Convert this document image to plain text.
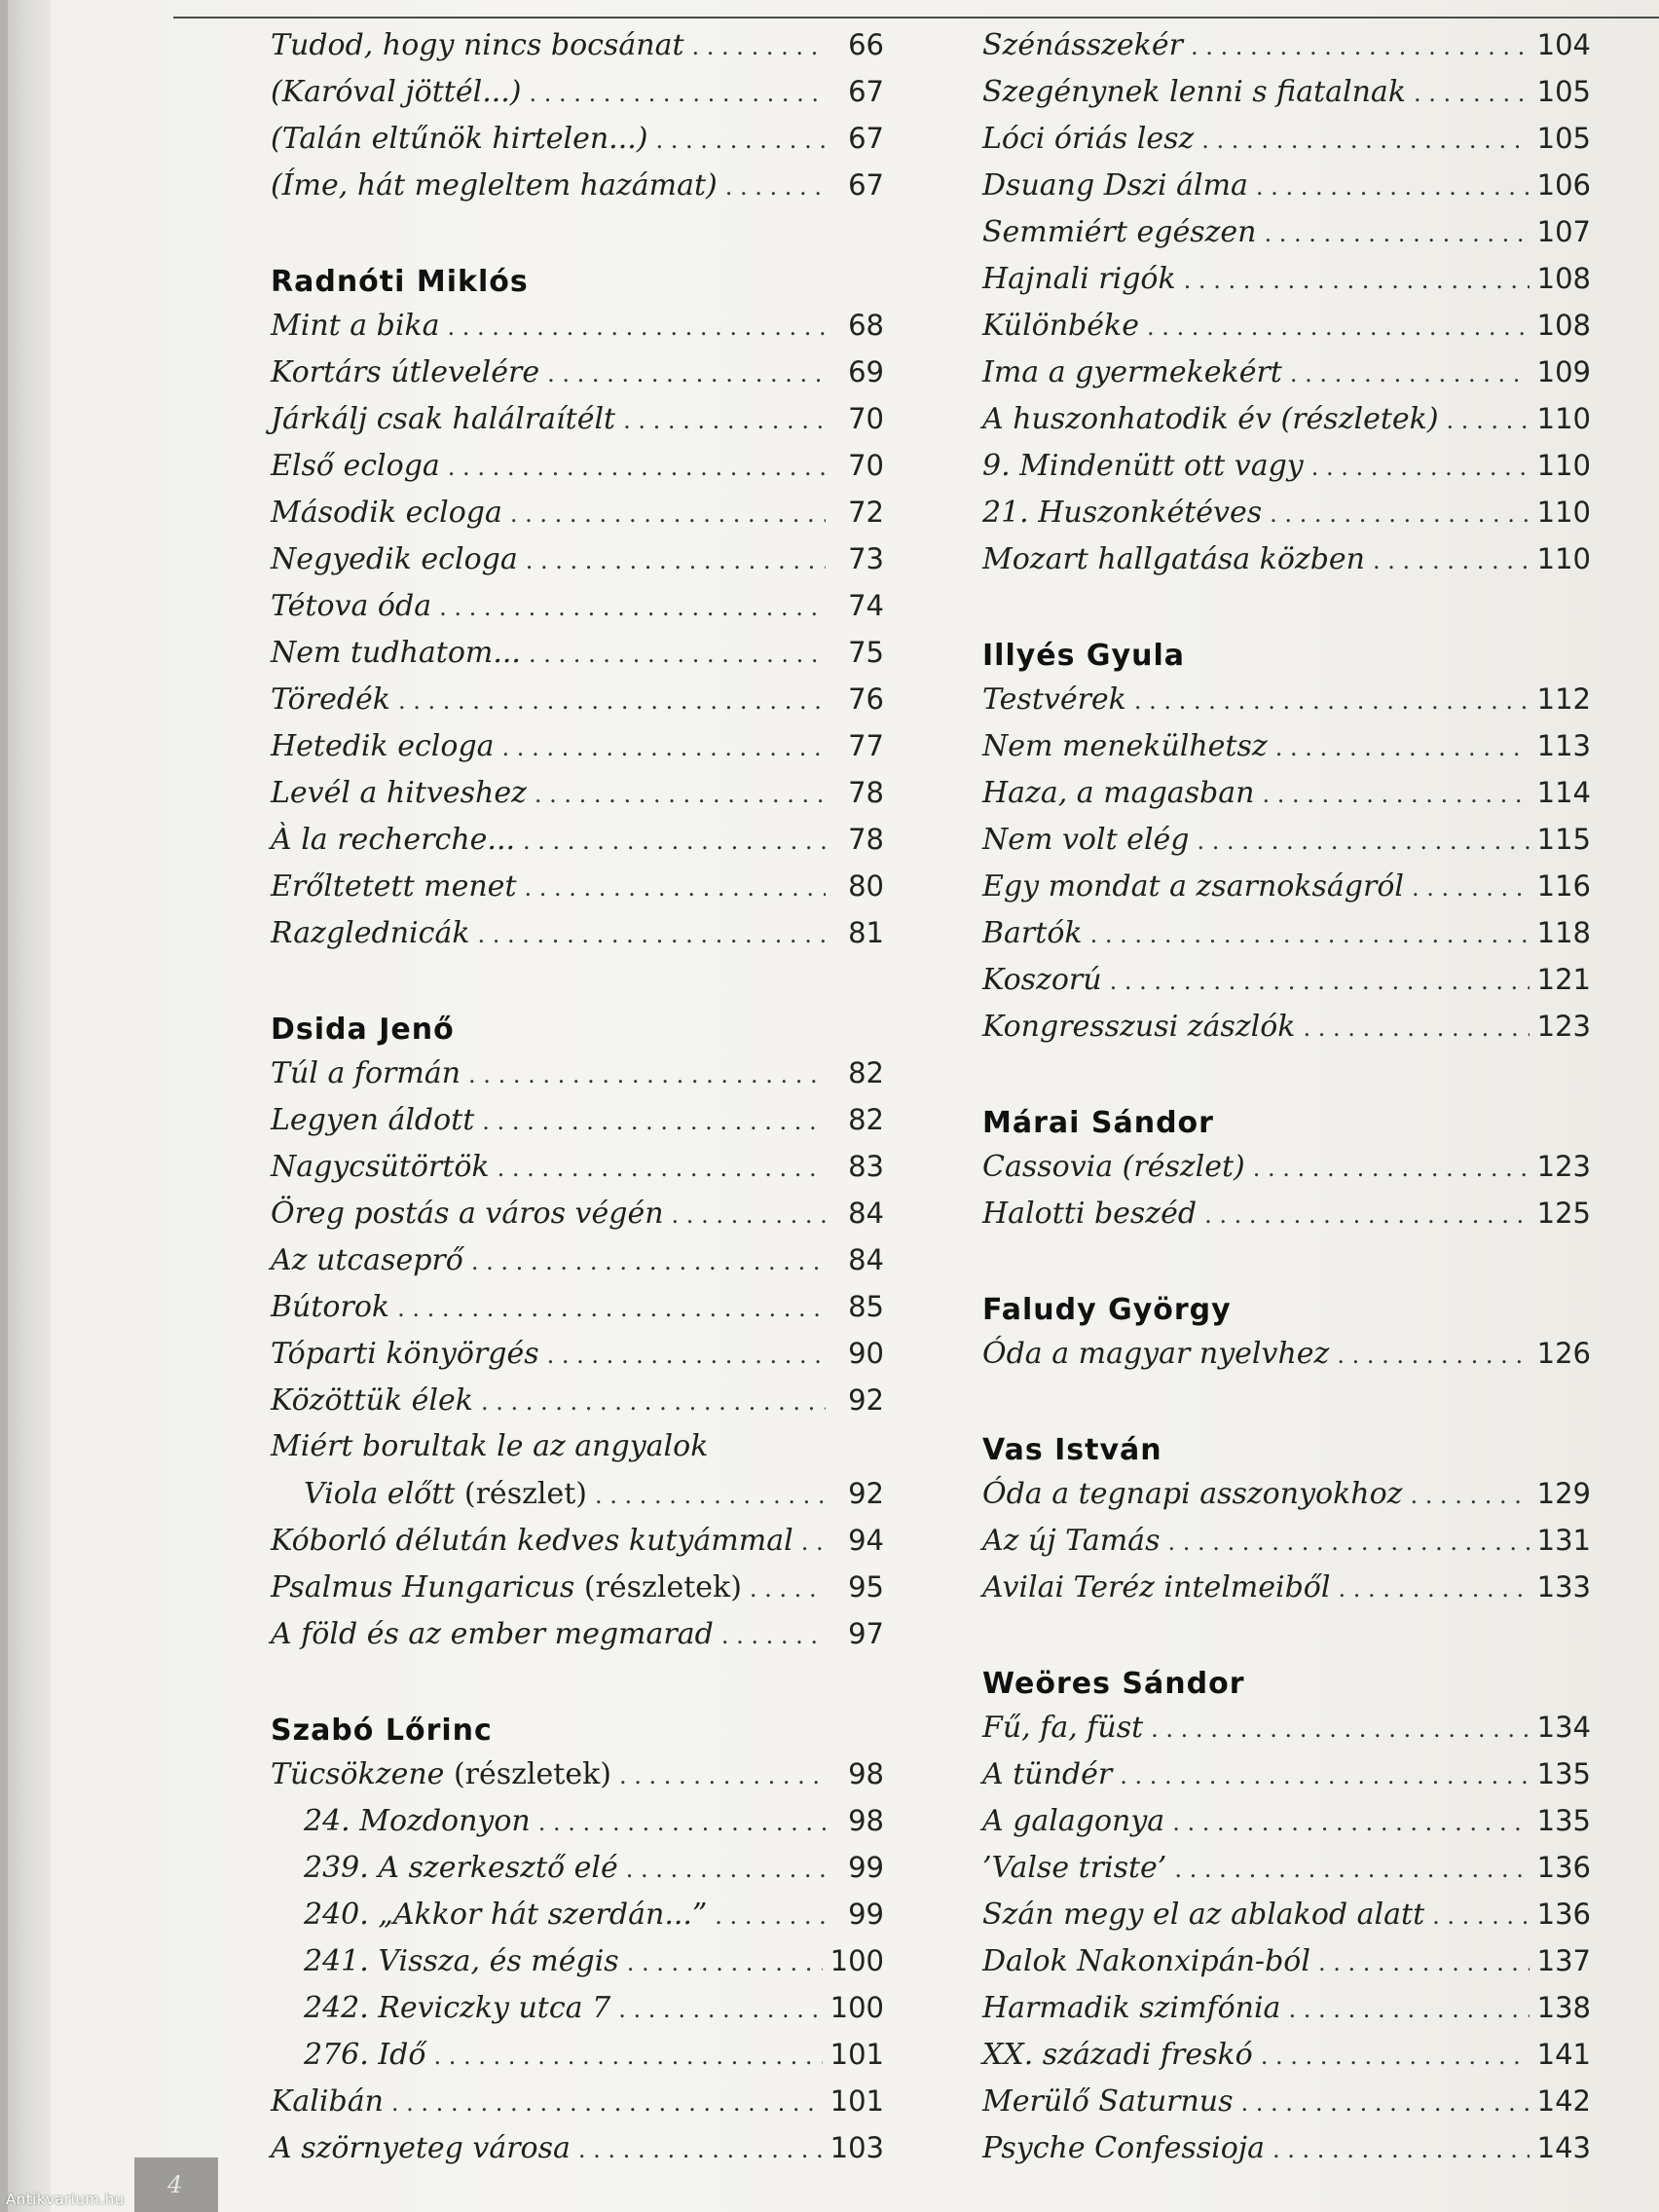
Tudod, hogy nincs bocsánat . . .	66
(Karóval jöttél...) . . .	67
(Talán eltűnök hirtelen...) . . .	67
(Íme, hát megleltem hazámat) . . .	67
Radnóti Miklós
Mint a bika . . .	68
Kortárs útlevelére . . .	69
Járkálj csak halálraítélt . . .	70
Első ecloga . . .	70
Második ecloga . . .	72
Negyedik ecloga . . .	73
Tétova óda . . .	74
Nem tudhatom... . . .	75
Töredék . . .	76
Hetedik ecloga . . .	77
Levél a hitveshez . . .	78
À la recherche... . . .	78
Erőltetett menet . . .	80
Razglednicák . . .	81
Dsida Jenő
Túl a formán . . .	82
Legyen áldott . . .	82
Nagycsütörtök . . .	83
Öreg postás a város végén . . .	84
Az utcaseprő . . .	84
Bútorok . . .	85
Tóparti könyörgés . . .	90
Közöttük élek . . .	92
Miért borultak le az angyalok
Viola előtt (részlet) . . .	92
Kóborló délután kedves kutyámmal . . .	94
Psalmus Hungaricus (részletek) . . .	95
A föld és az ember megmarad . . .	97
Szabó Lőrinc
Tücsökzene (részletek) . . .	98
24. Mozdonyon . . .	98
239. A szerkesztő elé . . .	99
240. „Akkor hát szerdán...” . . .	99
241. Vissza, és mégis . . .	100
242. Reviczky utca 7 . . .	100
276. Idő . . .	101
Kalibán . . .	101
A szörnyeteg városa . . .	103
Szénásszekér . . .	104
Szegénynek lenni s fiatalnak . . .	105
Lóci óriás lesz . . .	105
Dsuang Dszi álma . . .	106
Semmiért egészen . . .	107
Hajnali rigók . . .	108
Különbéke . . .	108
Ima a gyermekekért . . .	109
A huszonhatodik év (részletek) . . .	110
9. Mindenütt ott vagy . . .	110
21. Huszonkétéves . . .	110
Mozart hallgatása közben . . .	110
Illyés Gyula
Testvérek . . .	112
Nem menekülhetsz . . .	113
Haza, a magasban . . .	114
Nem volt elég . . .	115
Egy mondat a zsarnokságról . . .	116
Bartók . . .	118
Koszorú . . .	121
Kongresszusi zászlók . . .	123
Márai Sándor
Cassovia (részlet) . . .	123
Halotti beszéd . . .	125
Faludy György
Óda a magyar nyelvhez . . .	126
Vas István
Óda a tegnapi asszonyokhoz . . .	129
Az új Tamás . . .	131
Avilai Teréz intelmeiből . . .	133
Weöres Sándor
Fű, fa, füst . . .	134
A tündér . . .	135
A galagonya . . .	135
’Valse triste’ . . .	136
Szán megy el az ablakod alatt . . .	136
Dalok Nakonxipán-ból . . .	137
Harmadik szimfónia . . .	138
XX. századi freskó . . .	141
Merülő Saturnus . . .	142
Psyche Confessioja . . .	143
4
Antikvarium.hu
